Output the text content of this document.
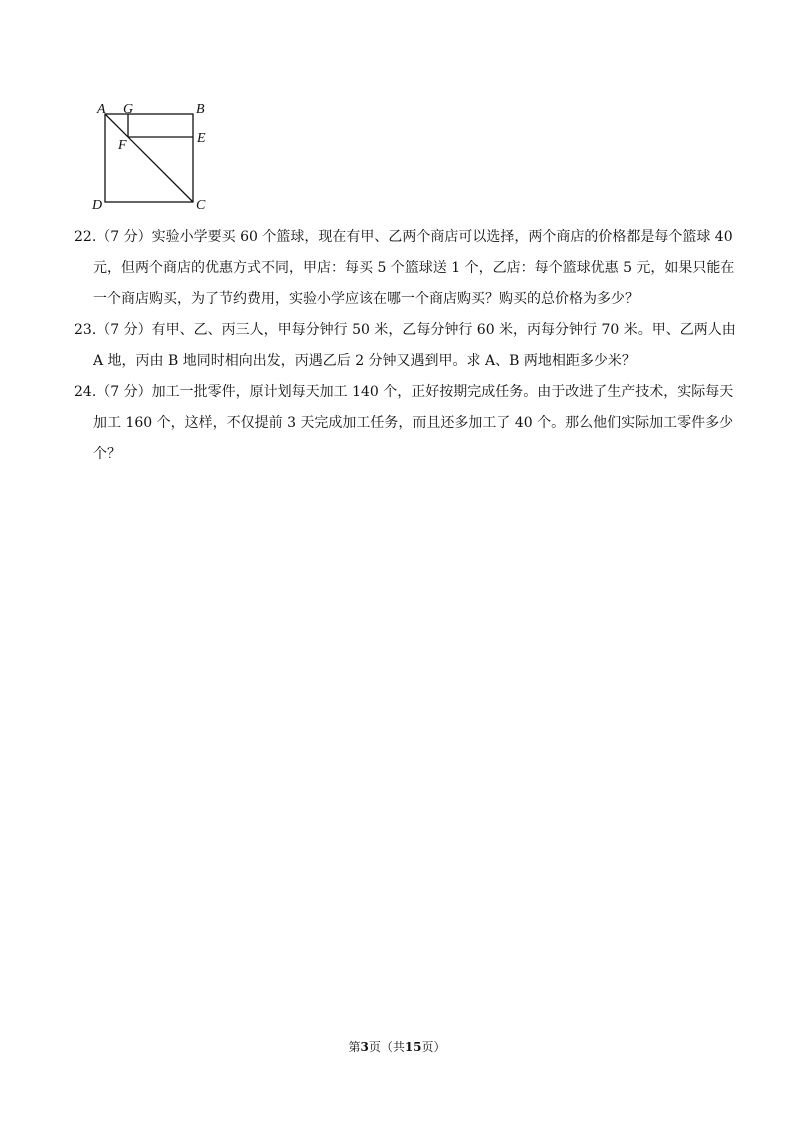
A G	B
E
F
D	C
22.（7 分）实验小学要买 60 个篮球，现在有甲、乙两个商店可以选择，两个商店的价格都是每个篮球 40
元，但两个商店的优惠方式不同，甲店：每买 5 个篮球送 1 个，乙店：每个篮球优惠 5 元，如果只能在
一个商店购买，为了节约费用，实验小学应该在哪一个商店购买？购买的总价格为多少？
23.（7 分）有甲、乙、丙三人，甲每分钟行 50 米，乙每分钟行 60 米，丙每分钟行 70 米。甲、乙两人由
A 地，丙由 B 地同时相向出发，丙遇乙后 2 分钟又遇到甲。求 A、B 两地相距多少米？
24.（7 分）加工一批零件，原计划每天加工 140 个，正好按期完成任务。由于改进了生产技术，实际每天
加工 160 个，这样，不仅提前 3 天完成加工任务，而且还多加工了 40 个。那么他们实际加工零件多少
个？
第3页（共15页）
